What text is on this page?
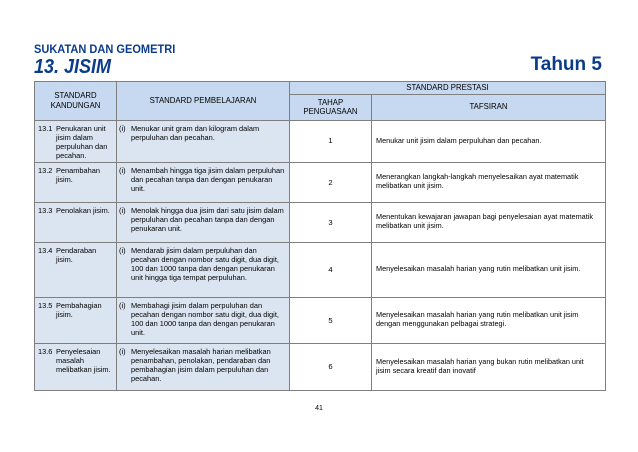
SUKATAN DAN GEOMETRI
13. JISIM	Tahun 5
STANDARD KANDUNGAN	STANDARD PEMBELAJARAN	STANDARD PRESTASI	
		TAHAP PENGUASAAN	TAFSIRAN

13.1 Penukaran unit jisim dalam perpuluhan dan pecahan.	(i) Menukar unit gram dan kilogram dalam perpuluhan dan pecahan.	1	Menukar unit jisim dalam perpuluhan dan pecahan.

13.2 Penambahan jisim.	(i) Menambah hingga tiga jisim dalam perpuluhan dan pecahan tanpa dan dengan penukaran unit.	2	Menerangkan langkah-langkah menyelesaikan ayat matematik melibatkan unit jisim.

13.3 Penolakan jisim.	(i) Menolak hingga dua jisim dari satu jisim dalam perpuluhan dan pecahan tanpa dan dengan penukaran unit.	3	Menentukan kewajaran jawapan bagi penyelesaian ayat matematik melibatkan unit jisim.

13.4 Pendaraban jisim.	(i) Mendarab jisim dalam perpuluhan dan pecahan dengan nombor satu digit, dua digit, 100 dan 1000 tanpa dan dengan penukaran unit hingga tiga tempat perpuluhan.	4	Menyelesaikan masalah harian yang rutin melibatkan unit jisim.

13.5 Pembahagian jisim.	(i) Membahagi jisim dalam perpuluhan dan pecahan dengan nombor satu digit, dua digit, 100 dan 1000 tanpa dan dengan penukaran unit.	5	Menyelesaikan masalah harian yang rutin melibatkan unit jisim dengan menggunakan pelbagai strategi.

13.6 Penyelesaian masalah melibatkan jisim.	(i) Menyelesaikan masalah harian melibatkan penambahan, penolakan, pendaraban dan pembahagian jisim dalam perpuluhan dan pecahan.	6	Menyelesaikan masalah harian yang bukan rutin melibatkan unit jisim secara kreatif dan inovatif
41
